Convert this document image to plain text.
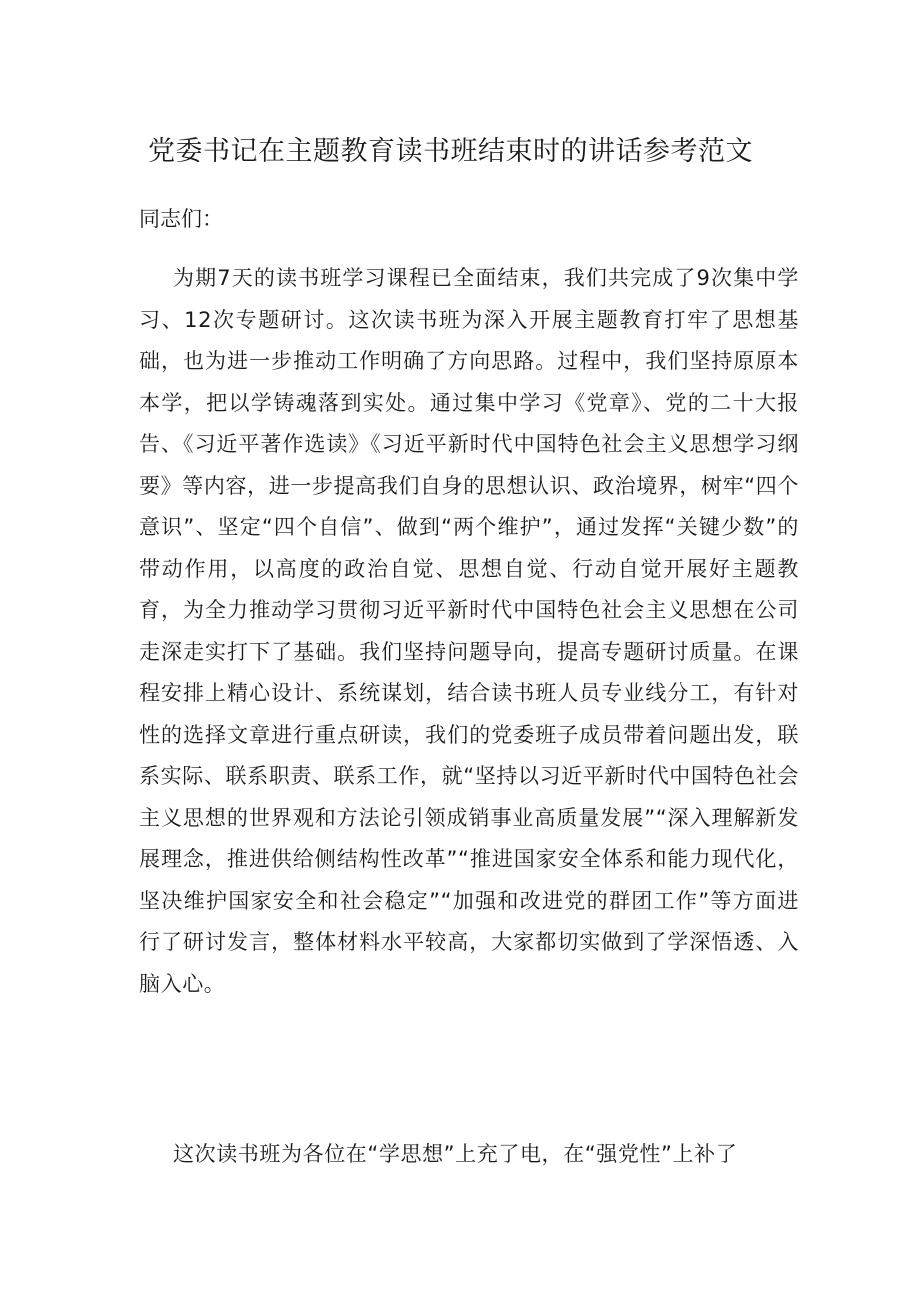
党委书记在主题教育读书班结束时的讲话参考范文
同志们：
为期7天的读书班学习课程已全面结束，我们共完成了9次集中学习、12次专题研讨。这次读书班为深入开展主题教育打牢了思想基础，也为进一步推动工作明确了方向思路。过程中，我们坚持原原本本学，把以学铸魂落到实处。通过集中学习《党章》、党的二十大报告、《习近平著作选读》《习近平新时代中国特色社会主义思想学习纲要》等内容，进一步提高我们自身的思想认识、政治境界，树牢“四个意识”、坚定“四个自信”、做到“两个维护”，通过发挥“关键少数”的带动作用，以高度的政治自觉、思想自觉、行动自觉开展好主题教育，为全力推动学习贯彻习近平新时代中国特色社会主义思想在公司走深走实打下了基础。我们坚持问题导向，提高专题研讨质量。在课程安排上精心设计、系统谋划，结合读书班人员专业线分工，有针对性的选择文章进行重点研读，我们的党委班子成员带着问题出发，联系实际、联系职责、联系工作，就“坚持以习近平新时代中国特色社会主义思想的世界观和方法论引领成销事业高质量发展”“深入理解新发展理念，推进供给侧结构性改革”“推进国家安全体系和能力现代化，坚决维护国家安全和社会稳定”“加强和改进党的群团工作”等方面进行了研讨发言，整体材料水平较高，大家都切实做到了学深悟透、入脑入心。
这次读书班为各位在“学思想”上充了电，在“强党性”上补了
